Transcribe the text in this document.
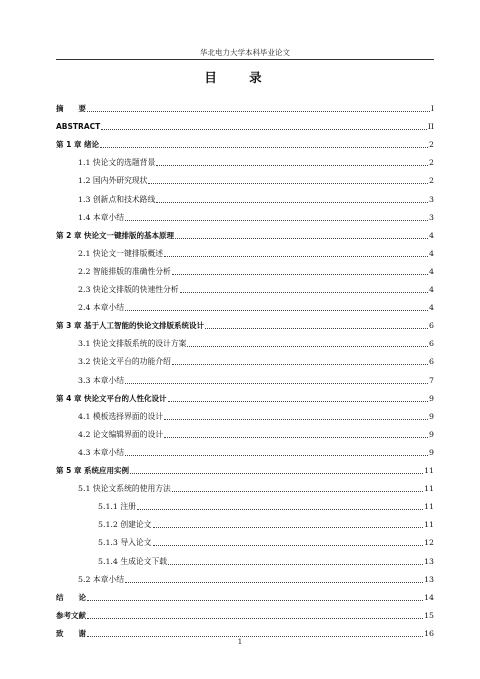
华北电力大学本科毕业论文
目 录
摘　　要	I
ABSTRACT	II
第 1 章 绪论	2
1.1 快论文的选题背景	2
1.2 国内外研究现状	2
1.3 创新点和技术路线	3
1.4 本章小结	3
第 2 章 快论文一键排版的基本原理	4
2.1 快论文一键排版概述	4
2.2 智能排版的准确性分析	4
2.3 快论文排版的快速性分析	4
2.4 本章小结	4
第 3 章 基于人工智能的快论文排版系统设计	6
3.1 快论文排版系统的设计方案	6
3.2 快论文平台的功能介绍	6
3.3 本章小结	7
第 4 章 快论文平台的人性化设计	9
4.1 模板选择界面的设计	9
4.2 论文编辑界面的设计	9
4.3 本章小结	9
第 5 章 系统应用实例	11
5.1 快论文系统的使用方法	11
5.1.1 注册	11
5.1.2 创建论文	11
5.1.3 导入论文	12
5.1.4 生成论文下载	13
5.2 本章小结	13
结　　论	14
参考文献	15
致　　谢	16
1
